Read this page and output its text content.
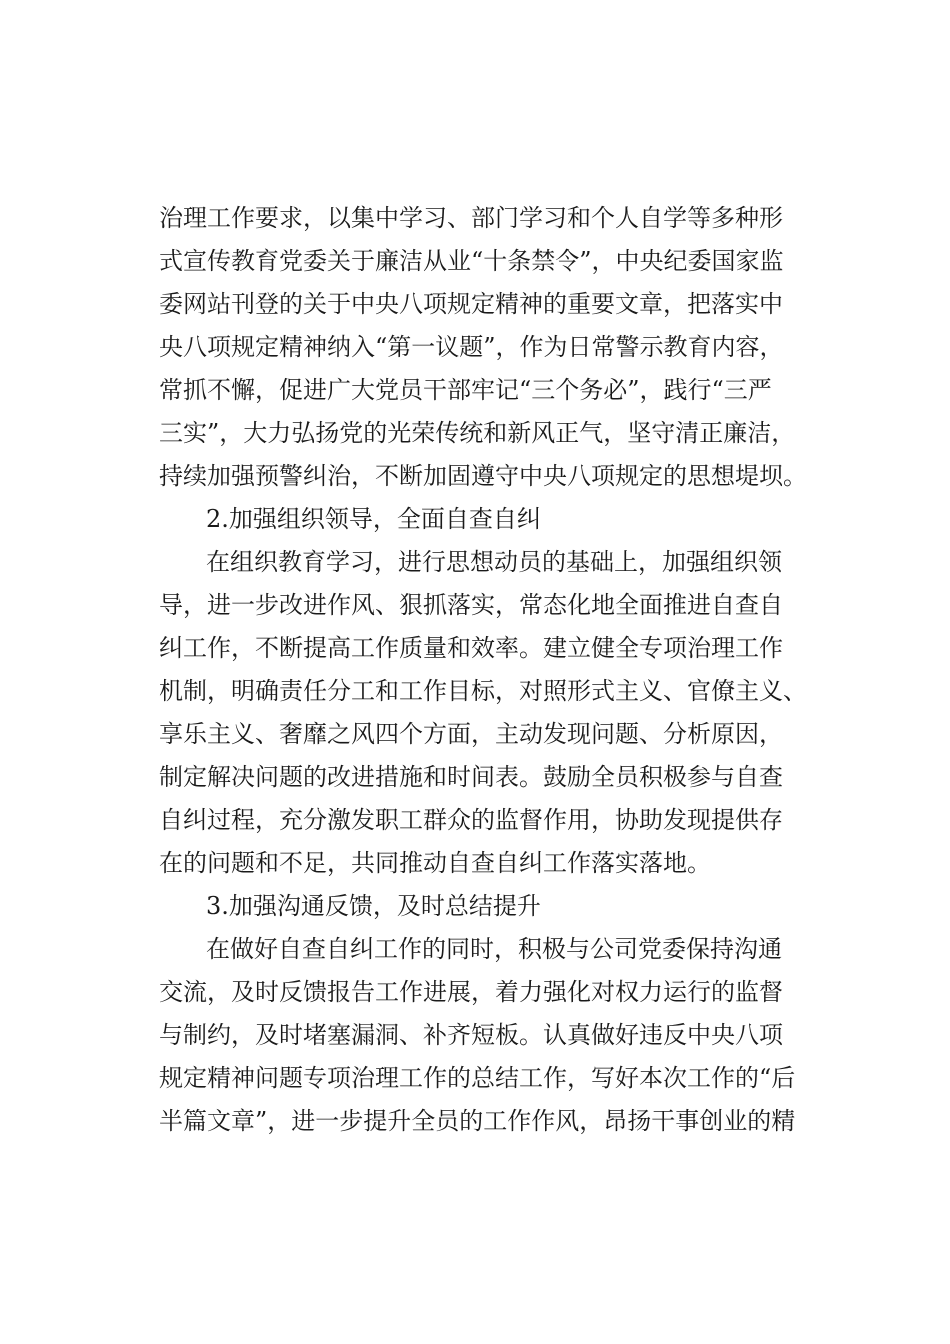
治理工作要求，以集中学习、部门学习和个人自学等多种形
式宣传教育党委关于廉洁从业“十条禁令”，中央纪委国家监
委网站刊登的关于中央八项规定精神的重要文章，把落实中
央八项规定精神纳入“第一议题”，作为日常警示教育内容，
常抓不懈，促进广大党员干部牢记“三个务必”，践行“三严
三实”，大力弘扬党的光荣传统和新风正气，坚守清正廉洁，
持续加强预警纠治，不断加固遵守中央八项规定的思想堤坝。
2.加强组织领导，全面自查自纠
在组织教育学习，进行思想动员的基础上，加强组织领
导，进一步改进作风、狠抓落实，常态化地全面推进自查自
纠工作，不断提高工作质量和效率。建立健全专项治理工作
机制，明确责任分工和工作目标，对照形式主义、官僚主义、
享乐主义、奢靡之风四个方面，主动发现问题、分析原因，
制定解决问题的改进措施和时间表。鼓励全员积极参与自查
自纠过程，充分激发职工群众的监督作用，协助发现提供存
在的问题和不足，共同推动自查自纠工作落实落地。
3.加强沟通反馈，及时总结提升
在做好自查自纠工作的同时，积极与公司党委保持沟通
交流，及时反馈报告工作进展，着力强化对权力运行的监督
与制约，及时堵塞漏洞、补齐短板。认真做好违反中央八项
规定精神问题专项治理工作的总结工作，写好本次工作的“后
半篇文章”，进一步提升全员的工作作风，昂扬干事创业的精
